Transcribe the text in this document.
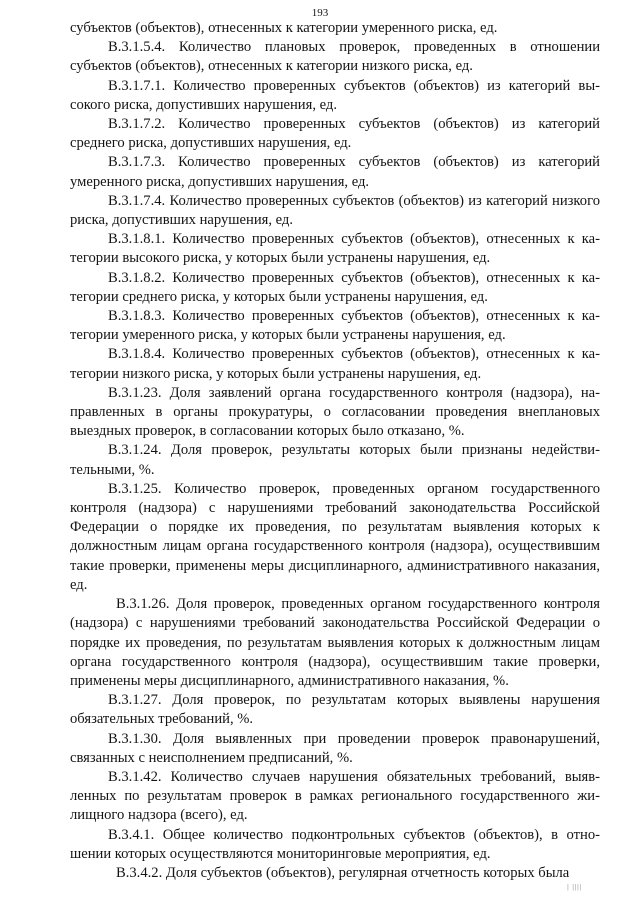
193

субъектов (объектов), отнесенных к категории умеренного риска, ед.

В.3.1.5.4. Количество плановых проверок, проведенных в отношении субъектов (объектов), отнесенных к категории низкого риска, ед.

В.3.1.7.1. Количество проверенных субъектов (объектов) из категорий высокого риска, допустивших нарушения, ед.

В.3.1.7.2. Количество проверенных субъектов (объектов) из категорий среднего риска, допустивших нарушения, ед.

В.3.1.7.3. Количество проверенных субъектов (объектов) из категорий умеренного риска, допустивших нарушения, ед.

В.3.1.7.4. Количество проверенных субъектов (объектов) из категорий низкого риска, допустивших нарушения, ед.

В.3.1.8.1. Количество проверенных субъектов (объектов), отнесенных к категории высокого риска, у которых были устранены нарушения, ед.

В.3.1.8.2. Количество проверенных субъектов (объектов), отнесенных к категории среднего риска, у которых были устранены нарушения, ед.

В.3.1.8.3. Количество проверенных субъектов (объектов), отнесенных к категории умеренного риска, у которых были устранены нарушения, ед.

В.3.1.8.4. Количество проверенных субъектов (объектов), отнесенных к категории низкого риска, у которых были устранены нарушения, ед.

В.3.1.23. Доля заявлений органа государственного контроля (надзора), направленных в органы прокуратуры, о согласовании проведения внеплановых выездных проверок, в согласовании которых было отказано, %.

В.3.1.24. Доля проверок, результаты которых были признаны недействительными, %.

В.3.1.25. Количество проверок, проведенных органом государственного контроля (надзора) с нарушениями требований законодательства Российской Федерации о порядке их проведения, по результатам выявления которых к должностным лицам органа государственного контроля (надзора), осуществившим такие проверки, применены меры дисциплинарного, административного наказания, ед.

В.3.1.26. Доля проверок, проведенных органом государственного контроля (надзора) с нарушениями требований законодательства Российской Федерации о порядке их проведения, по результатам выявления которых к должностным лицам органа государственного контроля (надзора), осуществившим такие проверки, применены меры дисциплинарного, административного наказания, %.

В.3.1.27. Доля проверок, по результатам которых выявлены нарушения обязательных требований, %.

В.3.1.30. Доля выявленных при проведении проверок правонарушений, связанных с неисполнением предписаний, %.

В.3.1.42. Количество случаев нарушения обязательных требований, выявленных по результатам проверок в рамках регионального государственного жилищного надзора (всего), ед.

В.3.4.1. Общее количество подконтрольных субъектов (объектов), в отношении которых осуществляются мониторинговые мероприятия, ед.

В.3.4.2. Доля субъектов (объектов), регулярная отчетность которых была

| ||||
